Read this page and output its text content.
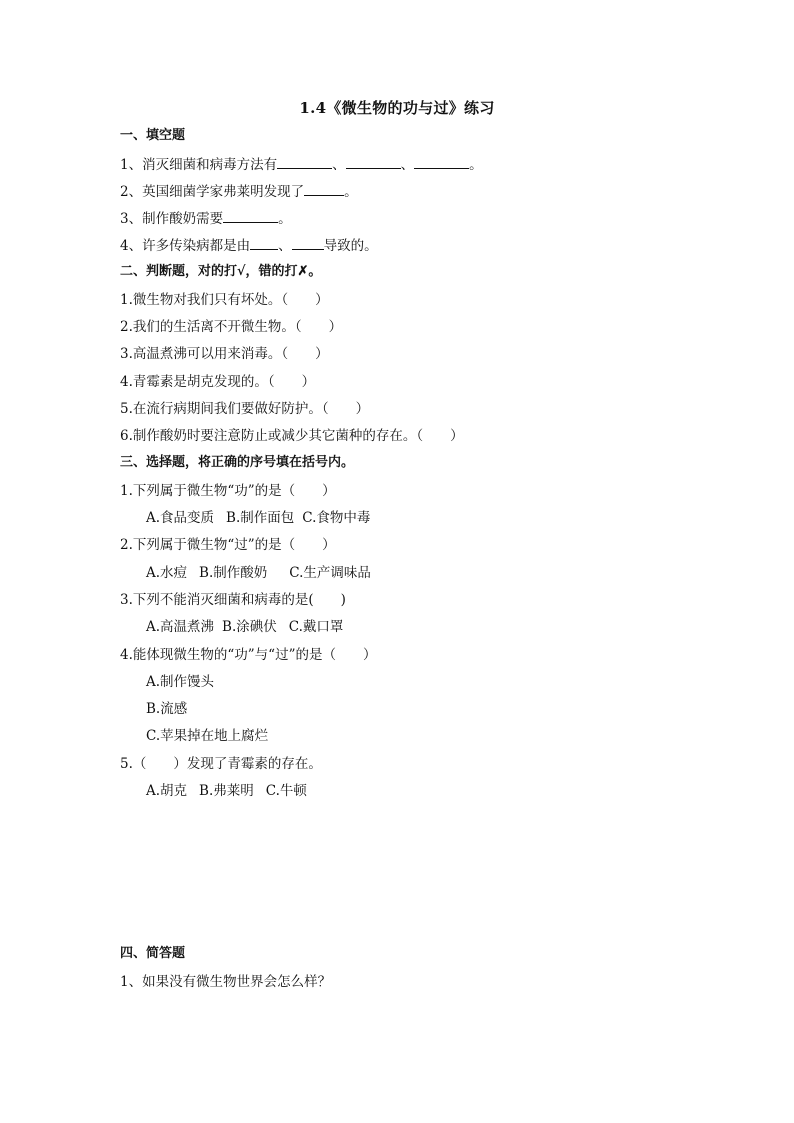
1.4《微生物的功与过》练习
一、填空题
1、消灭细菌和病毒方法有	、	、	。
2、英国细菌学家弗莱明发现了	。
3、制作酸奶需要	。
4、许多传染病都是由 、 导致的。
二、判断题，对的打√，错的打✗。
1.微生物对我们只有坏处。（　　）
2.我们的生活离不开微生物。（　　）
3.高温煮沸可以用来消毒。（　　）
4.青霉素是胡克发现的。（　　）
5.在流行病期间我们要做好防护。（　　）
6.制作酸奶时要注意防止或减少其它菌种的存在。（　　）
三、选择题，将正确的序号填在括号内。
1.下列属于微生物“功”的是（　　）
A.食品变质 B.制作面包 C.食物中毒
2.下列属于微生物“过”的是（　　）
A.水痘 B.制作酸奶 C.生产调味品
3.下列不能消灭细菌和病毒的是(　　)
A.高温煮沸 B.涂碘伏 C.戴口罩
4.能体现微生物的“功”与“过”的是（　　）
A.制作馒头
B.流感
C.苹果掉在地上腐烂
5.（　　）发现了青霉素的存在。
A.胡克 B.弗莱明 C.牛顿
四、简答题
1、如果没有微生物世界会怎么样？
